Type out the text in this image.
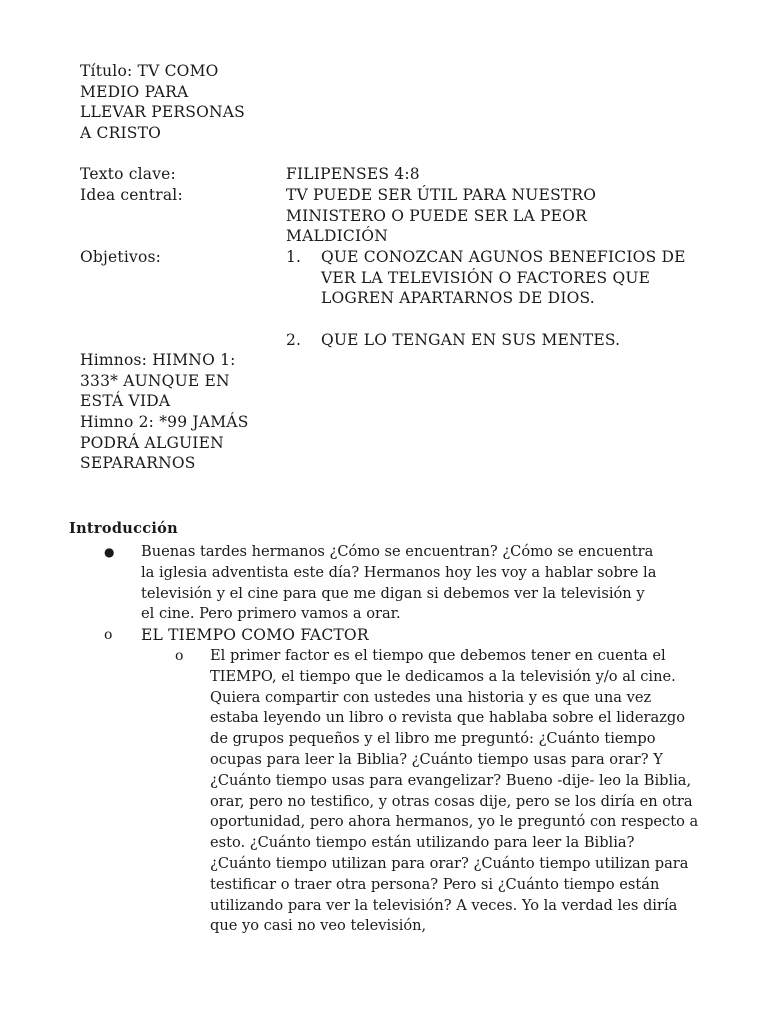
Título: TV COMO MEDIO PARA LLEVAR PERSONAS A CRISTO
Texto clave:	FILIPENSES 4:8
Idea central:	TV PUEDE SER ÚTIL PARA NUESTRO MINISTERO O PUEDE SER LA PEOR MALDICIÓN
Objetivos:	1.	QUE CONOZCAN AGUNOS BENEFICIOS DE VER LA TELEVISIÓN O FACTORES QUE LOGREN APARTARNOS DE DIOS.
2.	QUE LO TENGAN EN SUS MENTES.
Himnos: HIMNO 1: 333* AUNQUE EN ESTÁ VIDA
Himno 2: *99 JAMÁS PODRÁ ALGUIEN SEPARARNOS
Introducción
●	Buenas tardes hermanos ¿Cómo se encuentran? ¿Cómo se encuentra la iglesia adventista este día? Hermanos hoy les voy a hablar sobre la televisión y el cine para que me digan si debemos ver la televisión y el cine. Pero primero vamos a orar.
o	EL TIEMPO COMO FACTOR
o	El primer factor es el tiempo que debemos tener en cuenta el TIEMPO, el tiempo que le dedicamos a la televisión y/o al cine. Quiera compartir con ustedes una historia y es que una vez estaba leyendo un libro o revista que hablaba sobre el liderazgo de grupos pequeños y el libro me preguntó: ¿Cuánto tiempo ocupas para leer la Biblia? ¿Cuánto tiempo usas para orar? Y ¿Cuánto tiempo usas para evangelizar? Bueno -dije- leo la Biblia, orar, pero no testifico, y otras cosas dije, pero se los diría en otra oportunidad, pero ahora hermanos, yo le preguntó con respecto a esto. ¿Cuánto tiempo están utilizando para leer la Biblia? ¿Cuánto tiempo utilizan para orar? ¿Cuánto tiempo utilizan para testificar o traer otra persona? Pero si ¿Cuánto tiempo están utilizando para ver la televisión? A veces. Yo la verdad les diría que yo casi no veo televisión,
